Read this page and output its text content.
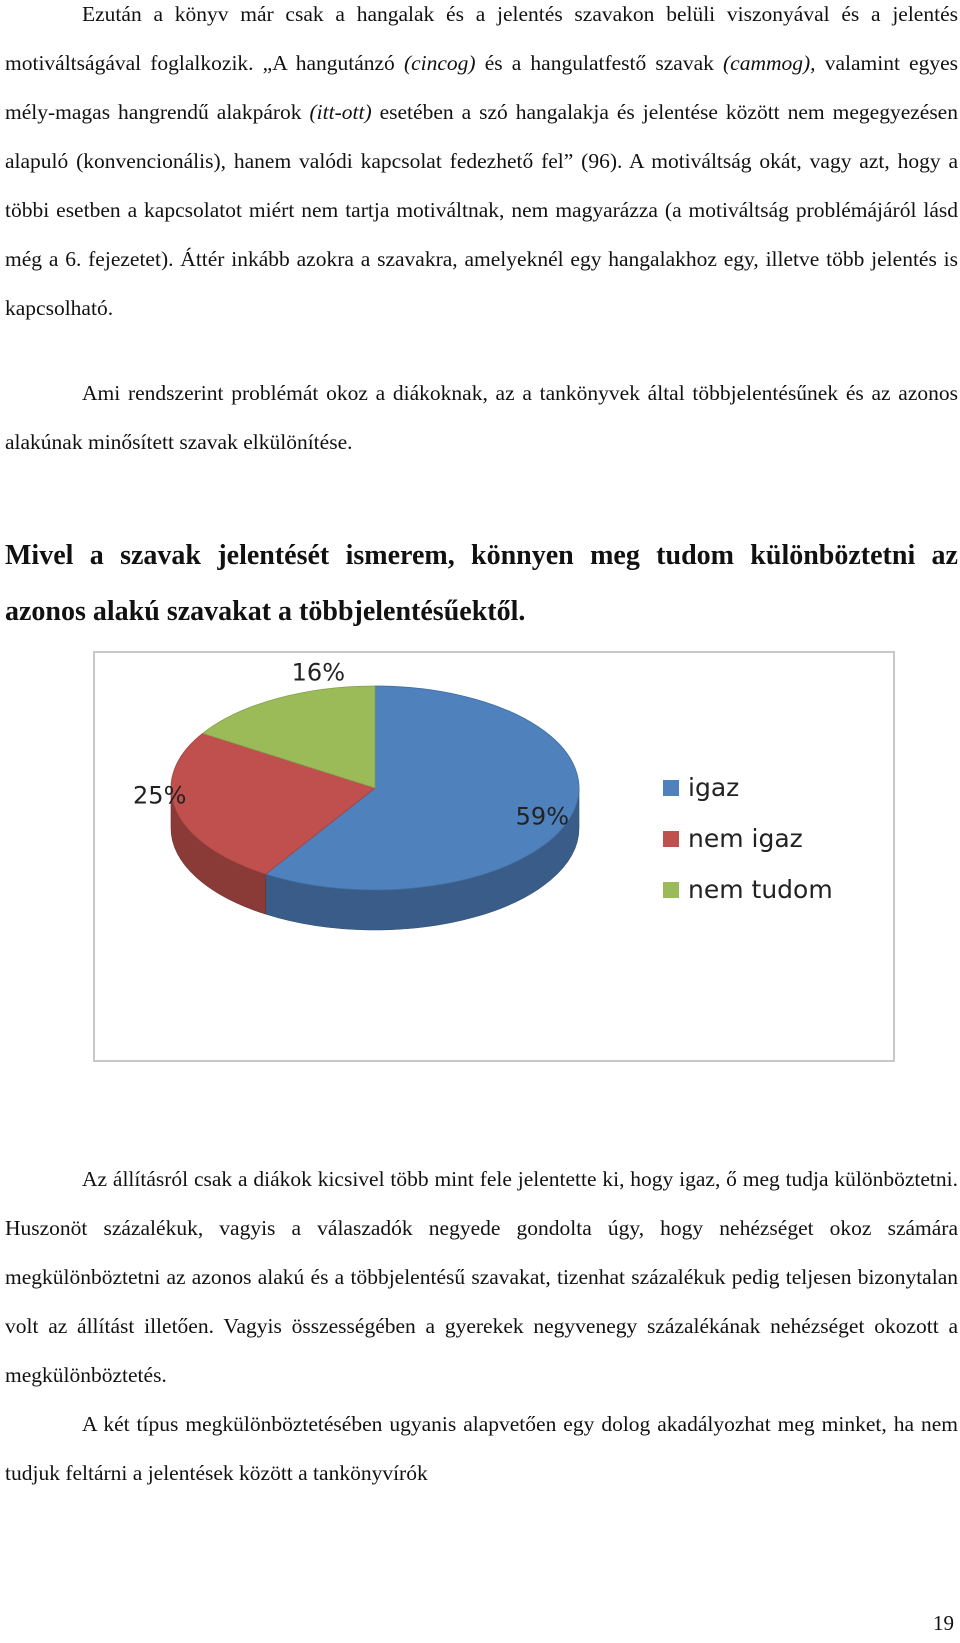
Ezután a könyv már csak a hangalak és a jelentés szavakon belüli viszonyával és a jelentés motiváltságával foglalkozik. „A hangutánzó (cincog) és a hangulatfestő szavak (cammog), valamint egyes mély-magas hangrendű alakpárok (itt-ott) esetében a szó hangalakja és jelentése között nem megegyezésen alapuló (konvencionális), hanem valódi kapcsolat fedezhető fel” (96). A motiváltság okát, vagy azt, hogy a többi esetben a kapcsolatot miért nem tartja motiváltnak, nem magyarázza (a motiváltság problémájáról lásd még a 6. fejezetet). Áttér inkább azokra a szavakra, amelyeknél egy hangalakhoz egy, illetve több jelentés is kapcsolható.

Ami rendszerint problémát okoz a diákoknak, az a tankönyvek által többjelentésűnek és az azonos alakúnak minősített szavak elkülönítése.

Mivel a szavak jelentését ismerem, könnyen meg tudom különböztetni az azonos alakú szavakat a többjelentésűektől.
59%
25%
16%
igaz
nem igaz
nem tudom

Az állításról csak a diákok kicsivel több mint fele jelentette ki, hogy igaz, ő meg tudja különböztetni. Huszonöt százalékuk, vagyis a válaszadók negyede gondolta úgy, hogy nehézséget okoz számára megkülönböztetni az azonos alakú és a többjelentésű szavakat, tizenhat százalékuk pedig teljesen bizonytalan volt az állítást illetően. Vagyis összességében a gyerekek negyvenegy százalékának nehézséget okozott a megkülönböztetés.

A két típus megkülönböztetésében ugyanis alapvetően egy dolog akadályozhat meg minket, ha nem tudjuk feltárni a jelentések között a tankönyvírók

19
